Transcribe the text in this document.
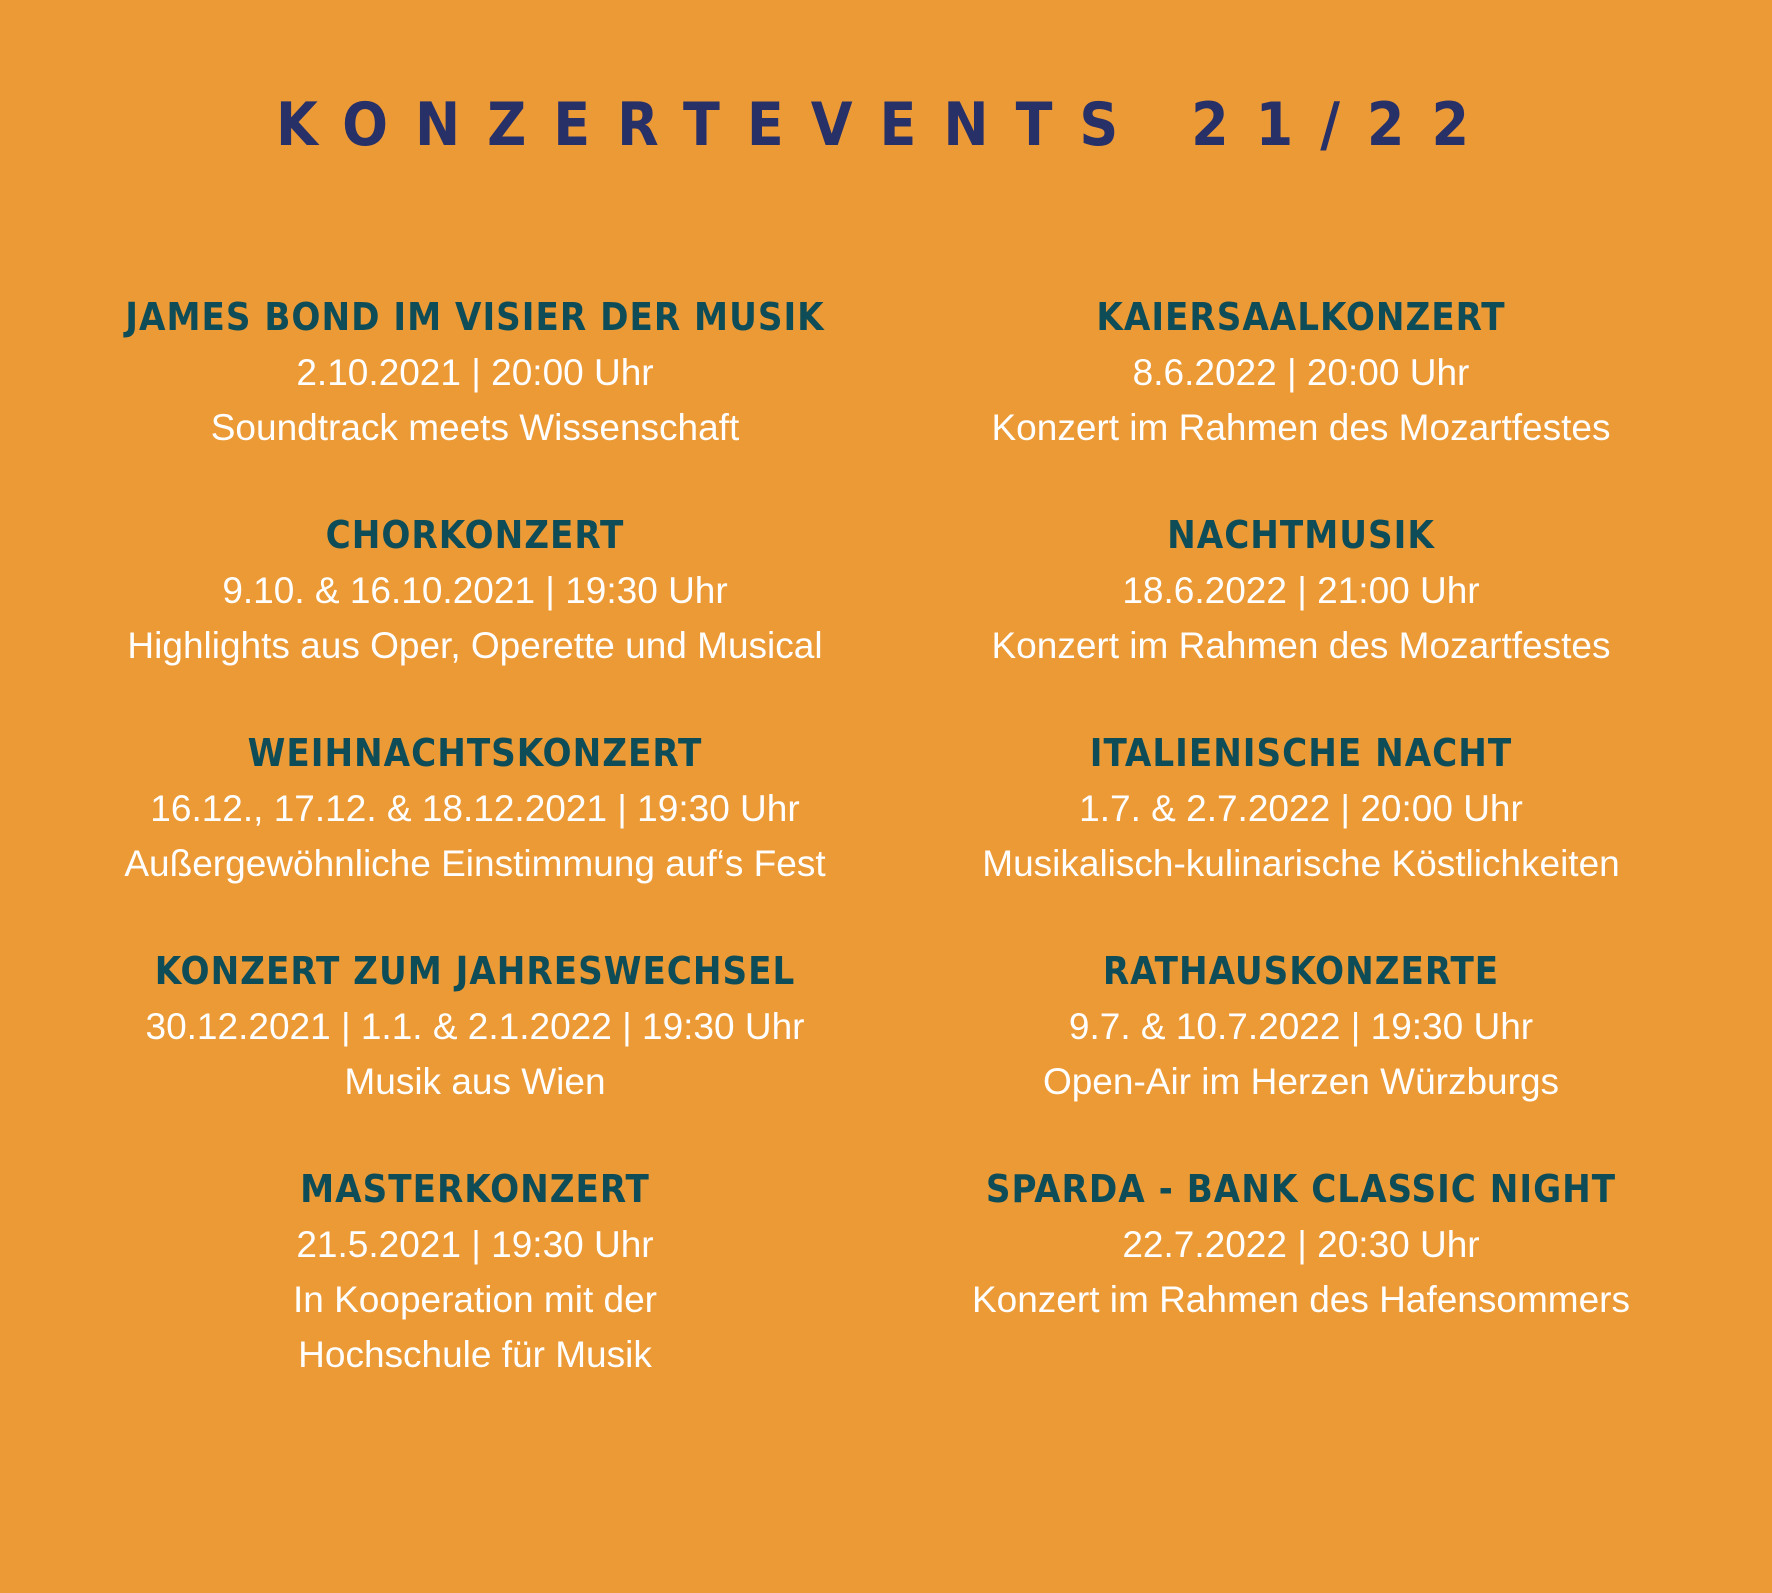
KONZERTEVENTS 21/22
JAMES BOND IM VISIER DER MUSIK
2.10.2021 | 20:00 Uhr
Soundtrack meets Wissenschaft
CHORKONZERT
9.10. & 16.10.2021 | 19:30 Uhr
Highlights aus Oper, Operette und Musical
WEIHNACHTSKONZERT
16.12., 17.12. & 18.12.2021 | 19:30 Uhr
Außergewöhnliche Einstimmung auf‘s Fest
KONZERT ZUM JAHRESWECHSEL
30.12.2021 | 1.1. & 2.1.2022 | 19:30 Uhr
Musik aus Wien
MASTERKONZERT
21.5.2021 | 19:30 Uhr
In Kooperation mit der
Hochschule für Musik
KAIERSAALKONZERT
8.6.2022 | 20:00 Uhr
Konzert im Rahmen des Mozartfestes
NACHTMUSIK
18.6.2022 | 21:00 Uhr
Konzert im Rahmen des Mozartfestes
ITALIENISCHE NACHT
1.7. & 2.7.2022 | 20:00 Uhr
Musikalisch-kulinarische Köstlichkeiten
RATHAUSKONZERTE
9.7. & 10.7.2022 | 19:30 Uhr
Open-Air im Herzen Würzburgs
SPARDA - BANK CLASSIC NIGHT
22.7.2022 | 20:30 Uhr
Konzert im Rahmen des Hafensommers
